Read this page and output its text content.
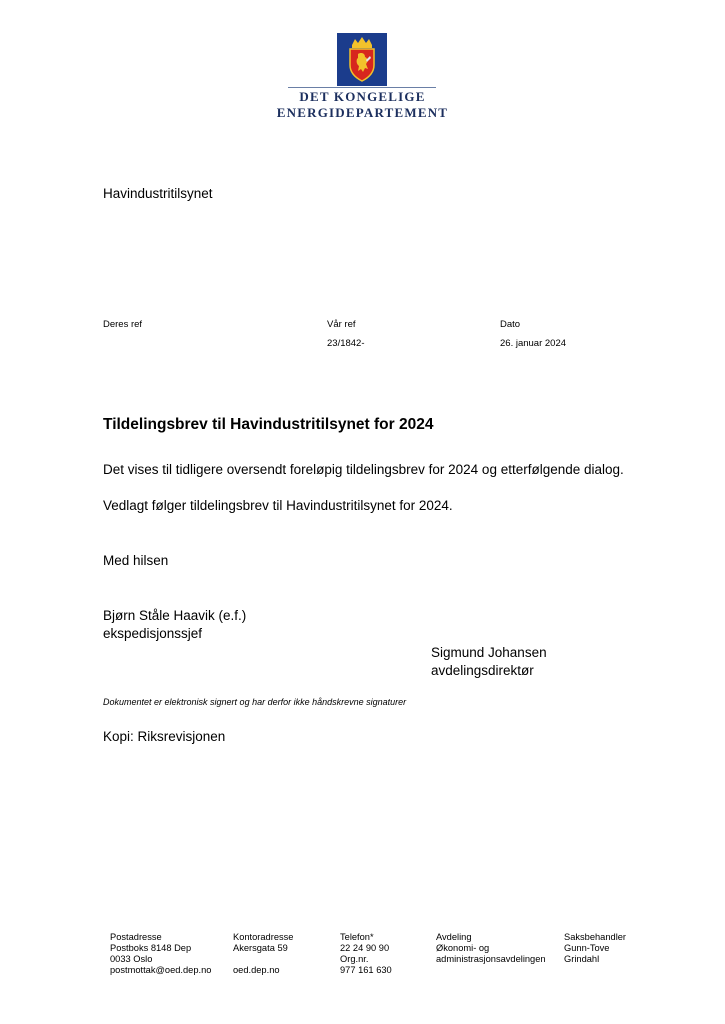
DET KONGELIGE
ENERGIDEPARTEMENT
Havindustritilsynet
Deres ref	Vår ref
23/1842-
Dato
26. januar 2024
Tildelingsbrev til Havindustritilsynet for 2024
Det vises til tidligere oversendt foreløpig tildelingsbrev for 2024 og etterfølgende dialog.
Vedlagt følger tildelingsbrev til Havindustritilsynet for 2024.
Med hilsen
Bjørn Ståle Haavik (e.f.)
ekspedisjonssjef
Sigmund Johansen
avdelingsdirektør
Dokumentet er elektronisk signert og har derfor ikke håndskrevne signaturer
Kopi: Riksrevisjonen
Postadresse
Postboks 8148 Dep
0033 Oslo
postmottak@oed.dep.no
Kontoradresse
Akersgata 59

oed.dep.no
Telefon*
22 24 90 90
Org.nr.
977 161 630
Avdeling
Økonomi- og
administrasjonsavdelingen
Saksbehandler
Gunn-Tove
Grindahl
